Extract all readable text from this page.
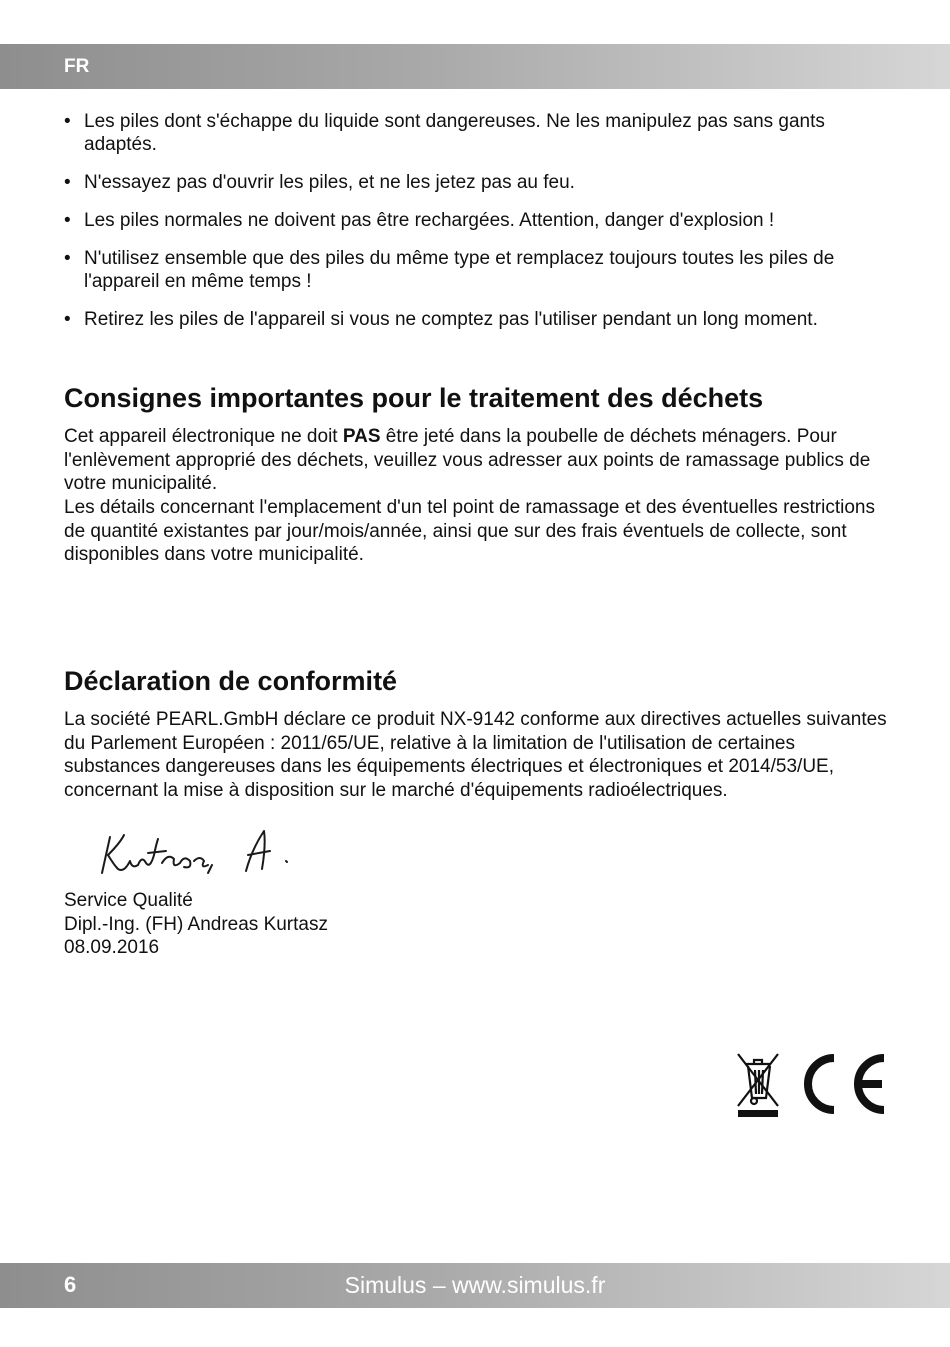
FR
• Les piles dont s'échappe du liquide sont dangereuses. Ne les manipulez pas sans gants adaptés.
• N'essayez pas d'ouvrir les piles, et ne les jetez pas au feu.
• Les piles normales ne doivent pas être rechargées. Attention, danger d'explosion !
• N'utilisez ensemble que des piles du même type et remplacez toujours toutes les piles de l'appareil en même temps !
• Retirez les piles de l'appareil si vous ne comptez pas l'utiliser pendant un long moment.
Consignes importantes pour le traitement des déchets

Cet appareil électronique ne doit PAS être jeté dans la poubelle de déchets ménagers. Pour l'enlèvement approprié des déchets, veuillez vous adresser aux points de ramassage publics de votre municipalité.

Les détails concernant l'emplacement d'un tel point de ramassage et des éventuelles restrictions de quantité existantes par jour/mois/année, ainsi que sur des frais éventuels de collecte, sont disponibles dans votre municipalité.

Déclaration de conformité

La société PEARL.GmbH déclare ce produit NX-9142 conforme aux directives actuelles suivantes du Parlement Européen : 2011/65/UE, relative à la limitation de l'utilisation de certaines substances dangereuses dans les équipements électriques et électroniques et 2014/53/UE, concernant la mise à disposition sur le marché d'équipements radioélectriques.

Service Qualité
Dipl.-Ing. (FH) Andreas Kurtasz
08.09.2016
6	Simulus – www.simulus.fr
